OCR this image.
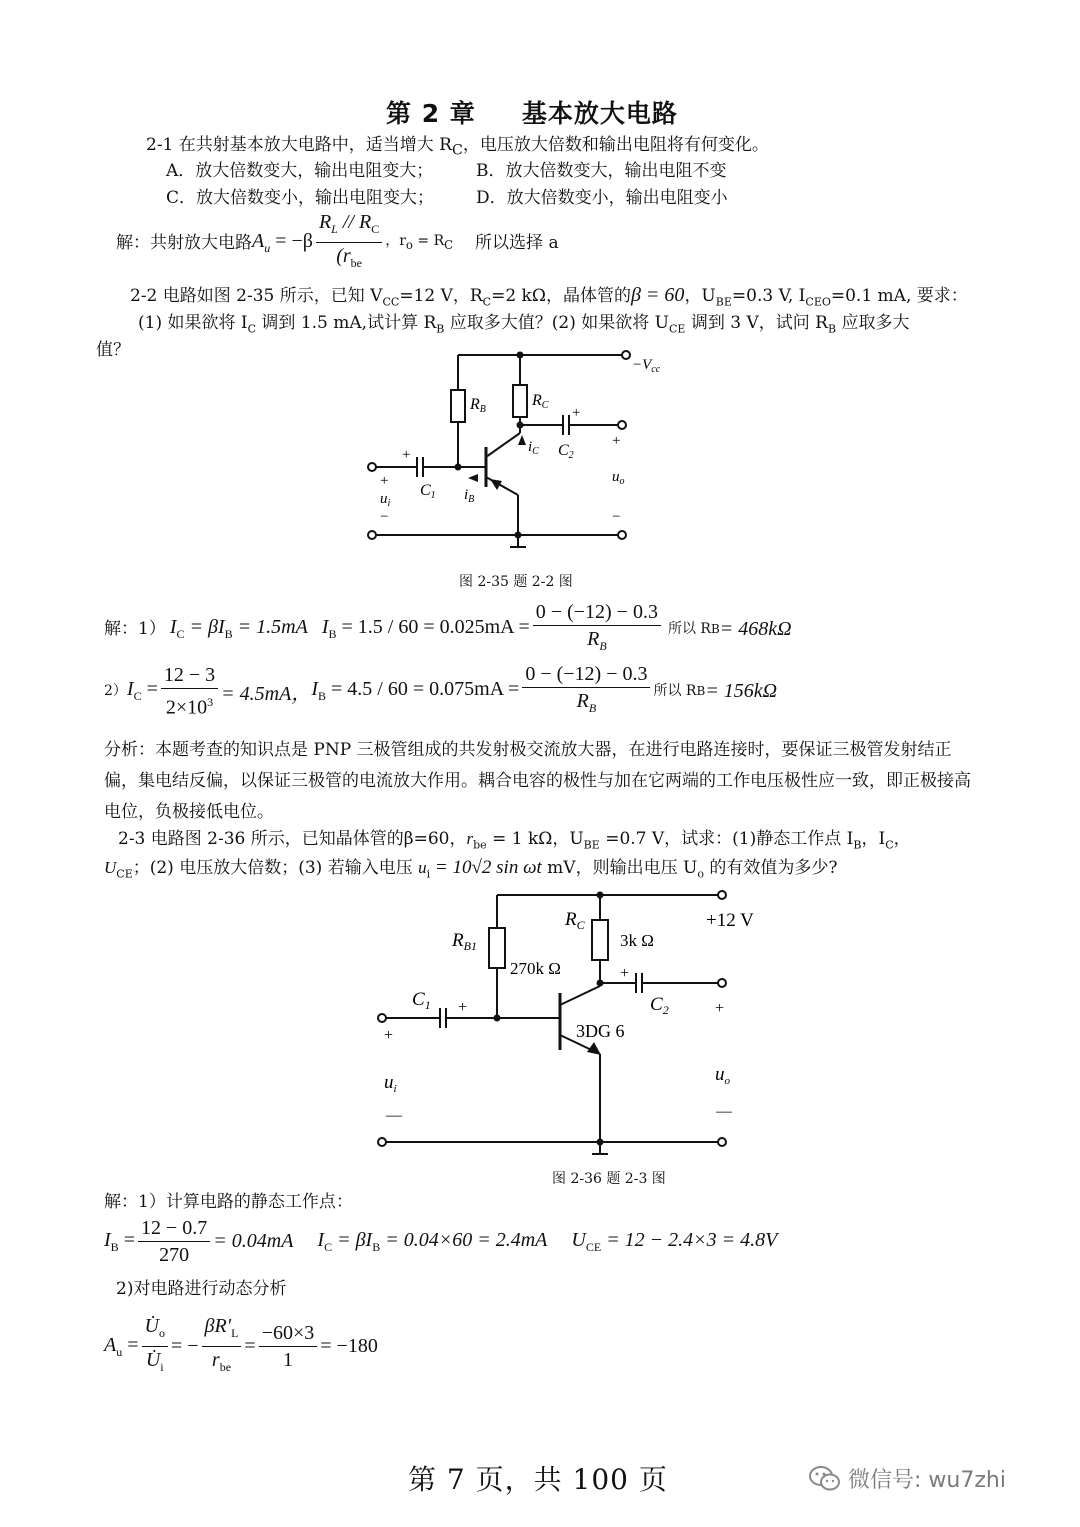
第 2 章 基本放大电路
2-1 在共射基本放大电路中，适当增大 $R_C$，电压放大倍数和输出电阻将有何变化。
A．放大倍数变大，输出电阻变大；	B．放大倍数变大，输出电阻不变
C．放大倍数变小，输出电阻变大； D．放大倍数变小，输出电阻变小
解：共射放大电路 $A_u = -\beta \frac{R_L // R_C}{(r_{be}}$ ，$r_o = R_C$ 所以选择 a
2-2 电路如图 2-35 所示，已知 $V_{CC}=12$ V，$R_C=2$ kΩ，晶体管的β = 60，$U_{BE}=0.3$ V, $I_{CEO}=0.1$ mA, 要求：
(1) 如果欲将 $I_C$ 调到 1.5 mA,试计算 $R_B$ 应取多大值？(2) 如果欲将 $U_{CE}$ 调到 3 V，试问 $R_B$ 应取多大
值？
$-V_{cc}$
RB
RC
C2
C1 $i_B$
$i_C$
+
+
+
$u_i$
−
+
$u_o$
−
图 2-35 题 2-2 图
解：1） $I_C = \beta I_B = 1.5mA$ $I_B = 1.5 / 60 = 0.025mA = \frac{0 - (-12) - 0.3}{R_B}$ 所以 R B = 468kΩ
2） $I_C = \frac{12 - 3}{2\times 10^3} = 4.5mA$， $I_B = 4.5 / 60 = 0.075mA = \frac{0 - (-12) - 0.3}{R_B}$ 所以 R B = 156kΩ
分析：本题考查的知识点是 PNP 三极管组成的共发射极交流放大器，在进行电路连接时，要保证三极管发射结正偏，集电结反偏，以保证三极管的电流放大作用。耦合电容的极性与加在它两端的工作电压极性应一致，即正极接高电位，负极接低电位。
2-3 电路图 2-36 所示，已知晶体管的β=60，$r_{be} = 1$ kΩ，$U_{BE} =0.7$ V，试求：(1)静态工作点 $I_B$，$I_C$，
$U_{CE}$；(2) 电压放大倍数；(3) 若输入电压 $u_i = 10√2$ sin ωt mV，则输出电压 $U_o$ 的有效值为多少?
+12 V
$R_{B1}$
270k Ω
$R_C$
3k Ω
$C_1$	$C_2$
+
+
3DG 6
+
$u_i$
—
+
$u_o$
—
图 2-36 题 2-3 图
解：1）计算电路的静态工作点：
$I_B = \frac{12 - 0.7}{270} = 0.04mA$ $I_C = \beta I_B = 0.04\times 60 = 2.4mA$ $U_{CE} = 12 - 2.4\times 3 = 4.8V$
2)对电路进行动态分析
$A_u = \frac{U̇_o}{U̇_i}$ = − $\frac{\beta R'_L}{r_{be}} = \frac{-60\times 3}{1} = -180$
第 7 页，共 100 页	微信号: wu7zhi
